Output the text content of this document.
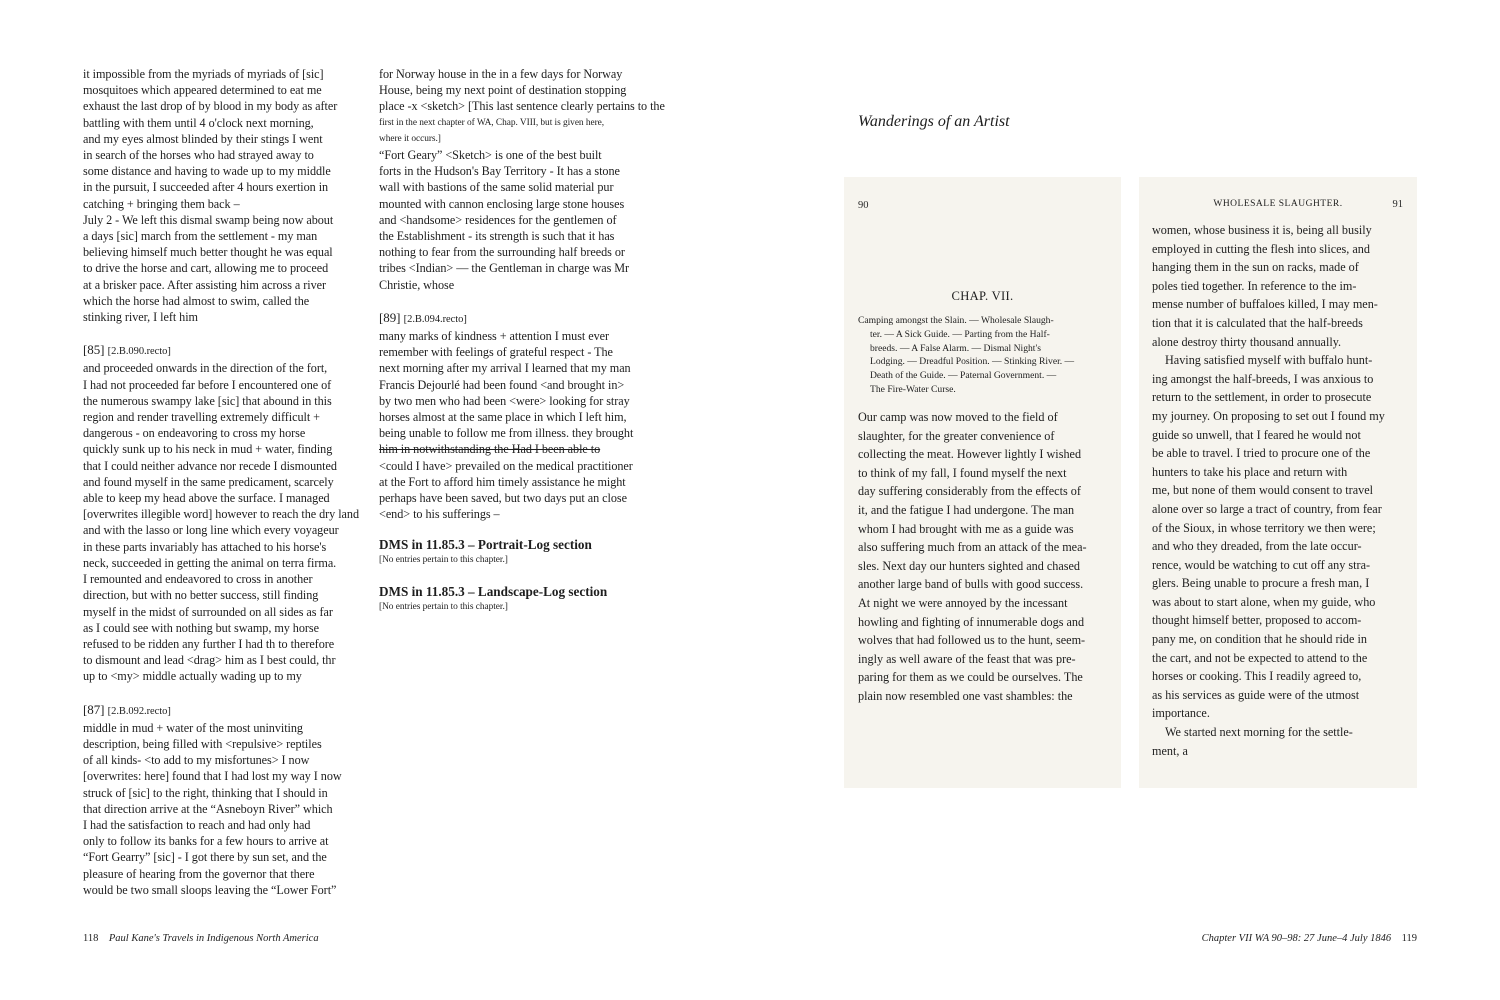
it impossible from the myriads of myriads of [sic]
mosquitoes which appeared determined to eat me
exhaust the last drop of by blood in my body as after
battling with them until 4 o'clock next morning,
and my eyes almost blinded by their stings I went
in search of the horses who had strayed away to
some distance and having to wade up to my middle
in the pursuit, I succeeded after 4 hours exertion in
catching + bringing them back –
July 2 - We left this dismal swamp being now about
a days [sic] march from the settlement - my man
believing himself much better thought he was equal
to drive the horse and cart, allowing me to proceed
at a brisker pace. After assisting him across a river
which the horse had almost to swim, called the
stinking river, I left him
[85] [2.B.090.recto]
and proceeded onwards in the direction of the fort,
I had not proceeded far before I encountered one of
the numerous swampy lake [sic] that abound in this
region and render travelling extremely difficult +
dangerous - on endeavoring to cross my horse
quickly sunk up to his neck in mud + water, finding
that I could neither advance nor recede I dismounted
and found myself in the same predicament, scarcely
able to keep my head above the surface. I managed
[overwrites illegible word] however to reach the dry land
and with the lasso or long line which every voyageur
in these parts invariably has attached to his horse's
neck, succeeded in getting the animal on terra firma.
I remounted and endeavored to cross in another
direction, but with no better success, still finding
myself in the midst of surrounded on all sides as far
as I could see with nothing but swamp, my horse
refused to be ridden any further I had th to therefore
to dismount and lead <drag> him as I best could, thr
up to <my> middle actually wading up to my
[87] [2.B.092.recto]
middle in mud + water of the most uninviting
description, being filled with <repulsive> reptiles
of all kinds- <to add to my misfortunes> I now
[overwrites: here] found that I had lost my way I now
struck of [sic] to the right, thinking that I should in
that direction arrive at the “Asneboyn River” which
I had the satisfaction to reach and had only had
only to follow its banks for a few hours to arrive at
“Fort Gearry” [sic] - I got there by sun set, and the
pleasure of hearing from the governor that there
would be two small sloops leaving the “Lower Fort”
for Norway house in the in a few days for Norway
House, being my next point of destination stopping
place -x <sketch> [This last sentence clearly pertains to the
first in the next chapter of WA, Chap. VIII, but is given here,
where it occurs.]
“Fort Geary” <Sketch> is one of the best built
forts in the Hudson's Bay Territory - It has a stone
wall with bastions of the same solid material pur
mounted with cannon enclosing large stone houses
and <handsome> residences for the gentlemen of
the Establishment - its strength is such that it has
nothing to fear from the surrounding half breeds or
tribes <Indian> — the Gentleman in charge was Mr
Christie, whose
[89] [2.B.094.recto]
many marks of kindness + attention I must ever
remember with feelings of grateful respect - The
next morning after my arrival I learned that my man
Francis Dejourlé had been found <and brought in>
by two men who had been <were> looking for stray
horses almost at the same place in which I left him,
being unable to follow me from illness. they brought
him in notwithstanding the Had I been able to
<could I have> prevailed on the medical practitioner
at the Fort to afford him timely assistance he might
perhaps have been saved, but two days put an close
<end> to his sufferings –
DMS in 11.85.3 – Portrait-Log section
[No entries pertain to this chapter.]
DMS in 11.85.3 – Landscape-Log section
[No entries pertain to this chapter.]
118 Paul Kane's Travels in Indigenous North America	Chapter VII WA 90–98: 27 June–4 July 1846 119
Wanderings of an Artist
90
CHAP. VII.
Camping amongst the Slain. — Wholesale Slaugh-
ter. — A Sick Guide. — Parting from the Half-
breeds. — A False Alarm. — Dismal Night's
Lodging. — Dreadful Position. — Stinking River. —
Death of the Guide. — Paternal Government. —
The Fire-Water Curse.
Our camp was now moved to the field of
slaughter, for the greater convenience of
collecting the meat. However lightly I wished
to think of my fall, I found myself the next
day suffering considerably from the effects of
it, and the fatigue I had undergone. The man
whom I had brought with me as a guide was
also suffering much from an attack of the mea-
sles. Next day our hunters sighted and chased
another large band of bulls with good success.
At night we were annoyed by the incessant
howling and fighting of innumerable dogs and
wolves that had followed us to the hunt, seem-
ingly as well aware of the feast that was pre-
paring for them as we could be ourselves. The
plain now resembled one vast shambles: the
WHOLESALE SLAUGHTER.	91
women, whose business it is, being all busily
employed in cutting the flesh into slices, and
hanging them in the sun on racks, made of
poles tied together. In reference to the im-
mense number of buffaloes killed, I may men-
tion that it is calculated that the half-breeds
alone destroy thirty thousand annually.
Having satisfied myself with buffalo hunt-
ing amongst the half-breeds, I was anxious to
return to the settlement, in order to prosecute
my journey. On proposing to set out I found my
guide so unwell, that I feared he would not
be able to travel. I tried to procure one of the
hunters to take his place and return with
me, but none of them would consent to travel
alone over so large a tract of country, from fear
of the Sioux, in whose territory we then were;
and who they dreaded, from the late occur-
rence, would be watching to cut off any stra-
glers. Being unable to procure a fresh man, I
was about to start alone, when my guide, who
thought himself better, proposed to accom-
pany me, on condition that he should ride in
the cart, and not be expected to attend to the
horses or cooking. This I readily agreed to,
as his services as guide were of the utmost
importance.
We started next morning for the settle-
ment, a
